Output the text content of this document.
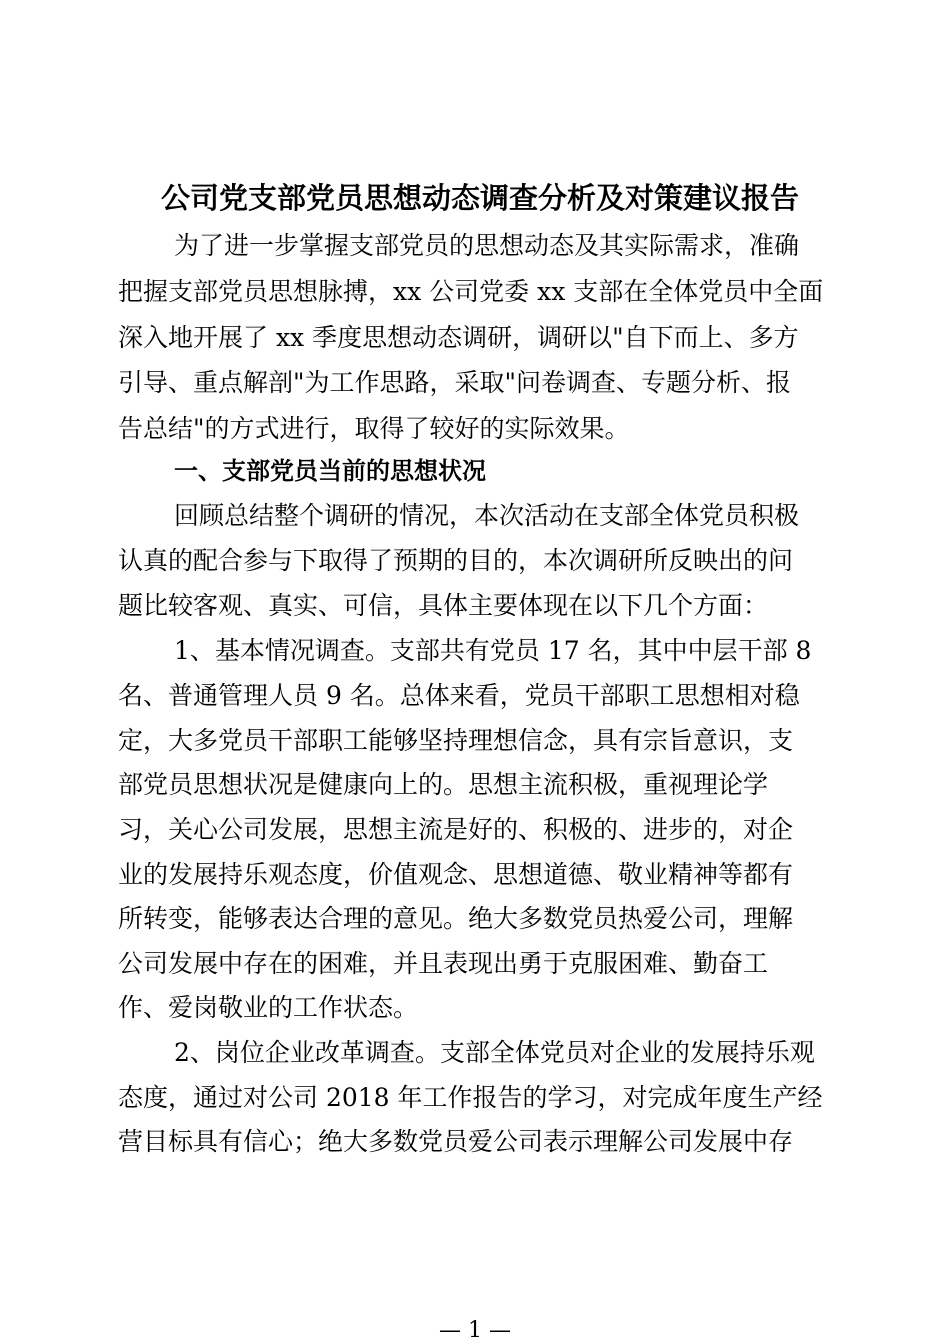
公司党支部党员思想动态调查分析及对策建议报告
为了进一步掌握支部党员的思想动态及其实际需求，准确
把握支部党员思想脉搏，xx 公司党委 xx 支部在全体党员中全面
深入地开展了 xx 季度思想动态调研，调研以"自下而上、多方
引导、重点解剖"为工作思路，采取"问卷调查、专题分析、报
告总结"的方式进行，取得了较好的实际效果。
一、支部党员当前的思想状况
回顾总结整个调研的情况，本次活动在支部全体党员积极
认真的配合参与下取得了预期的目的，本次调研所反映出的问
题比较客观、真实、可信，具体主要体现在以下几个方面：
1、基本情况调查。支部共有党员 17 名，其中中层干部 8
名、普通管理人员 9 名。总体来看，党员干部职工思想相对稳
定，大多党员干部职工能够坚持理想信念，具有宗旨意识，支
部党员思想状况是健康向上的。思想主流积极，重视理论学
习，关心公司发展，思想主流是好的、积极的、进步的，对企
业的发展持乐观态度，价值观念、思想道德、敬业精神等都有
所转变，能够表达合理的意见。绝大多数党员热爱公司，理解
公司发展中存在的困难，并且表现出勇于克服困难、勤奋工
作、爱岗敬业的工作状态。
2、岗位企业改革调查。支部全体党员对企业的发展持乐观
态度，通过对公司 2018 年工作报告的学习，对完成年度生产经
营目标具有信心；绝大多数党员爱公司表示理解公司发展中存
— 1 —
